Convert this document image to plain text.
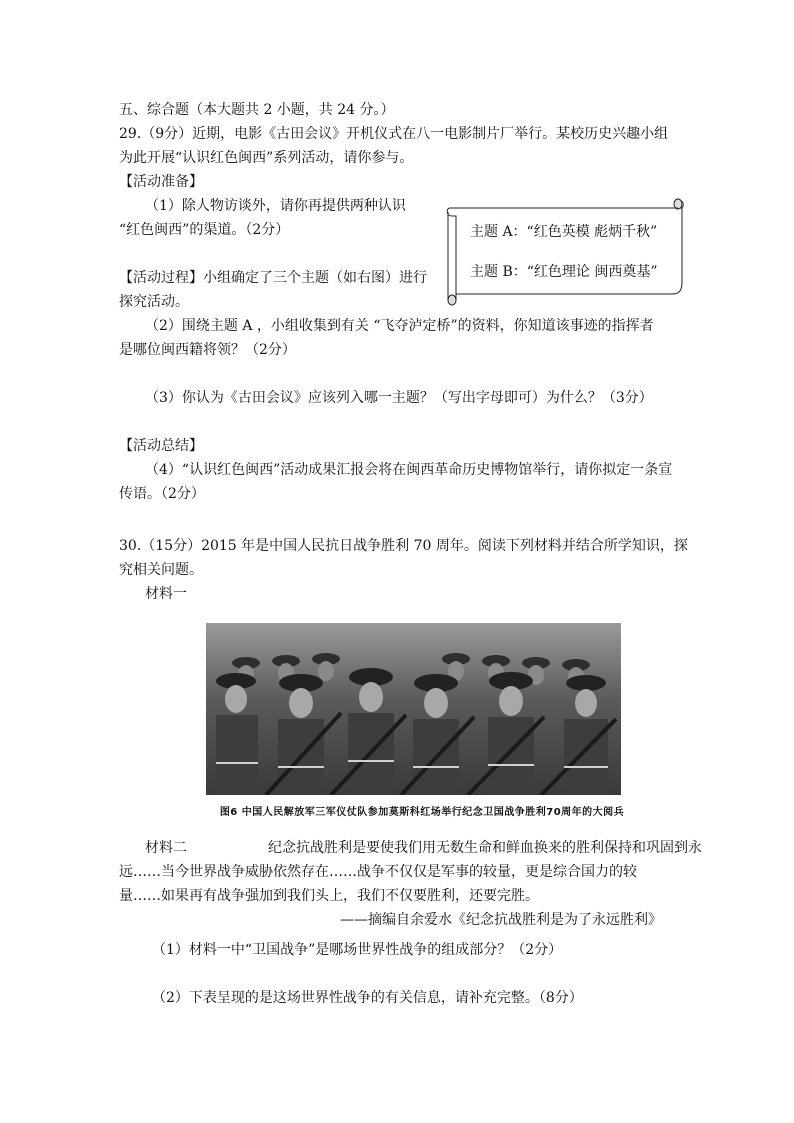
五、综合题（本大题共 2 小题，共 24 分。）
29.（9分）近期，电影《古田会议》开机仪式在八一电影制片厂举行。某校历史兴趣小组
为此开展“认识红色闽西”系列活动，请你参与。
【活动准备】
（1）除人物访谈外，请你再提供两种认识
“红色闽西”的渠道。（2分）
【活动过程】小组确定了三个主题（如右图）进行
探究活动。
主题 A：“红色英模 彪炳千秋”
主题 B：“红色理论 闽西奠基”
（2）围绕主题 A ，小组收集到有关 “飞夺泸定桥”的资料，你知道该事迹的指挥者
是哪位闽西籍将领？（2分）
（3）你认为《古田会议》应该列入哪一主题？（写出字母即可）为什么？（3分）
【活动总结】
（4）“认识红色闽西”活动成果汇报会将在闽西革命历史博物馆举行，请你拟定一条宣
传语。（2分）
30.（15分）2015 年是中国人民抗日战争胜利 70 周年。阅读下列材料并结合所学知识，探
究相关问题。
材料一
图6 中国人民解放军三军仪仗队参加莫斯科红场举行纪念卫国战争胜利70周年的大阅兵
材料二	纪念抗战胜利是要使我们用无数生命和鲜血换来的胜利保持和巩固到永
远……当今世界战争威胁依然存在……战争不仅仅是军事的较量，更是综合国力的较
量……如果再有战争强加到我们头上，我们不仅要胜利，还要完胜。
——摘编自余爱水《纪念抗战胜利是为了永远胜利》
（1）材料一中“卫国战争”是哪场世界性战争的组成部分？（2分）
（2）下表呈现的是这场世界性战争的有关信息，请补充完整。（8分）
